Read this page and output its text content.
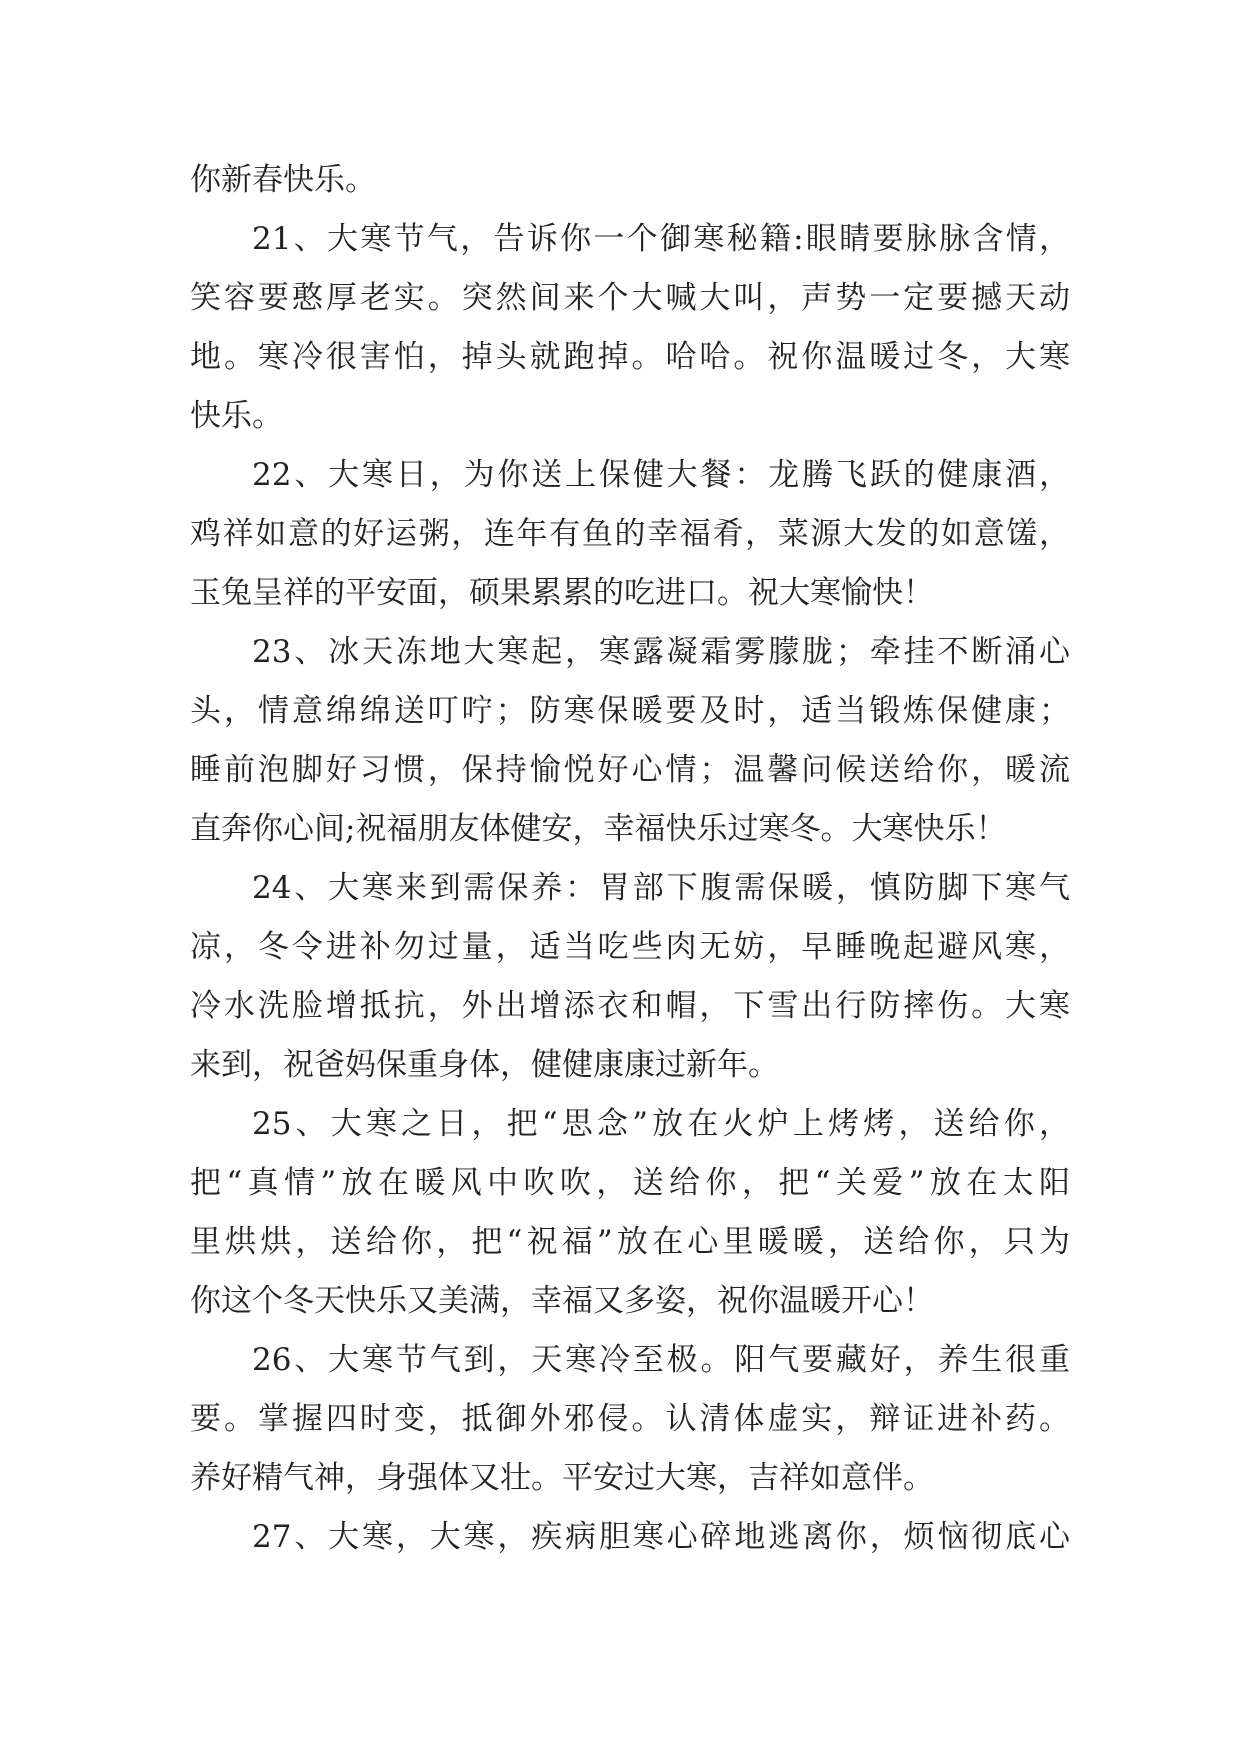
你新春快乐。
21、大寒节气，告诉你一个御寒秘籍:眼睛要脉脉含情，
笑容要憨厚老实。突然间来个大喊大叫，声势一定要撼天动
地。寒冷很害怕，掉头就跑掉。哈哈。祝你温暖过冬，大寒
快乐。
22、大寒日，为你送上保健大餐：龙腾飞跃的健康酒，
鸡祥如意的好运粥，连年有鱼的幸福肴，菜源大发的如意馐，
玉兔呈祥的平安面，硕果累累的吃进口。祝大寒愉快！
23、冰天冻地大寒起，寒露凝霜雾朦胧；牵挂不断涌心
头，情意绵绵送叮咛；防寒保暖要及时，适当锻炼保健康；
睡前泡脚好习惯，保持愉悦好心情；温馨问候送给你，暖流
直奔你心间;祝福朋友体健安，幸福快乐过寒冬。大寒快乐！
24、大寒来到需保养：胃部下腹需保暖，慎防脚下寒气
凉，冬令进补勿过量，适当吃些肉无妨，早睡晚起避风寒，
冷水洗脸增抵抗，外出增添衣和帽，下雪出行防摔伤。大寒
来到，祝爸妈保重身体，健健康康过新年。
25、大寒之日，把“思念”放在火炉上烤烤，送给你，
把“真情”放在暖风中吹吹，送给你，把“关爱”放在太阳
里烘烘，送给你，把“祝福”放在心里暖暖，送给你，只为
你这个冬天快乐又美满，幸福又多姿，祝你温暖开心！
26、大寒节气到，天寒冷至极。阳气要藏好，养生很重
要。掌握四时变，抵御外邪侵。认清体虚实，辩证进补药。
养好精气神，身强体又壮。平安过大寒，吉祥如意伴。
27、大寒，大寒，疾病胆寒心碎地逃离你，烦恼彻底心
